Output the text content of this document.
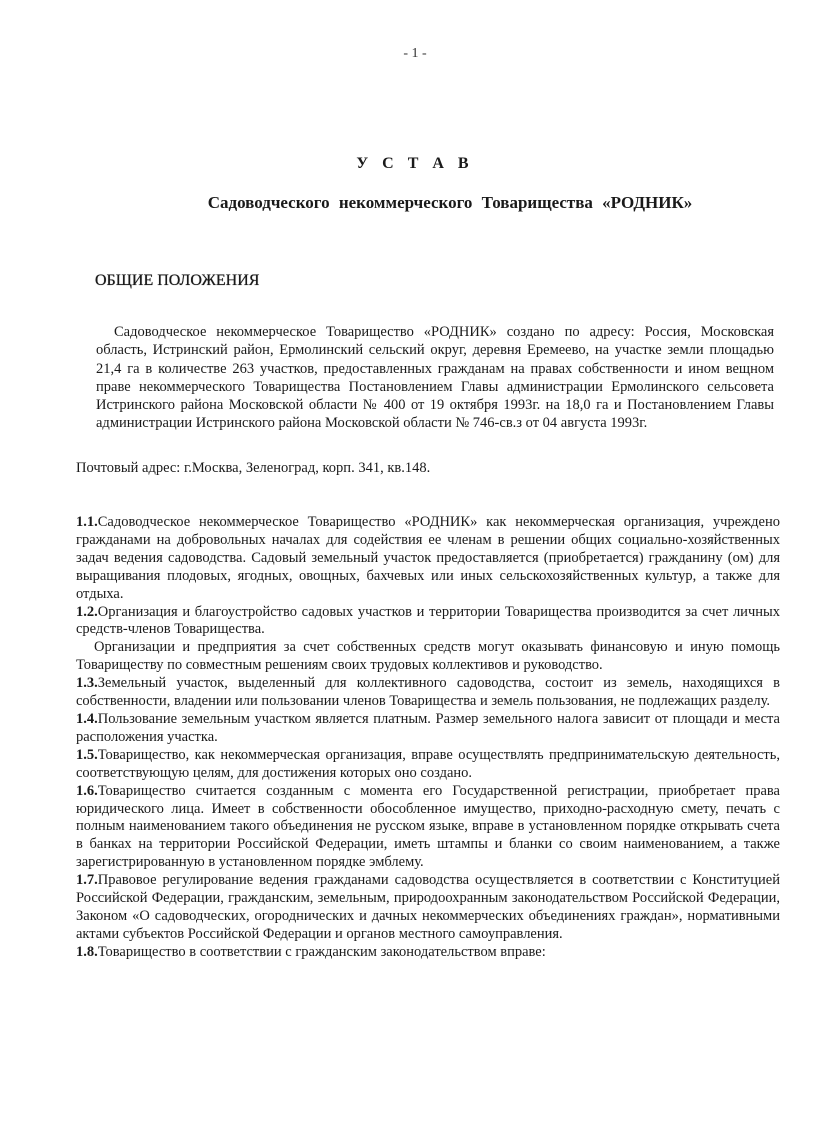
- 1 -
У С Т А В
Садоводческого некоммерческого Товарищества «РОДНИК»
ОБЩИЕ ПОЛОЖЕНИЯ

Садоводческое некоммерческое Товарищество «РОДНИК» создано по адресу: Россия, Московская область, Истринский район, Ермолинский сельский округ, деревня Еремеево, на участке земли площадью 21,4 га в количестве 263 участков, предоставленных гражданам на правах собственности и ином вещном праве некоммерческого Товарищества Постановлением Главы администрации Ермолинского сельсовета Истринского района Московской области № 400 от 19 октября 1993г. на 18,0 га и Постановлением Главы администрации Истринского района Московской области № 746-св.з от 04 августа 1993г.

Почтовый адрес: г.Москва, Зеленоград, корп. 341, кв.148.
1.1.Садоводческое некоммерческое Товарищество «РОДНИК» как некоммерческая организация, учреждено гражданами на добровольных началах для содействия ее членам в решении общих социально-хозяйственных задач ведения садоводства. Садовый земельный участок предоставляется (приобретается) гражданину (ом) для выращивания плодовых, ягодных, овощных, бахчевых или иных сельскохозяйственных культур, а также для отдыха.
1.2.Организация и благоустройство садовых участков и территории Товарищества производится за счет личных средств-членов Товарищества.
Организации и предприятия за счет собственных средств могут оказывать финансовую и иную помощь Товариществу по совместным решениям своих трудовых коллективов и руководство.
1.3.Земельный участок, выделенный для коллективного садоводства, состоит из земель, находящихся в собственности, владении или пользовании членов Товарищества и земель пользования, не подлежащих разделу.
1.4.Пользование земельным участком является платным. Размер земельного налога зависит от площади и места расположения участка.
1.5.Товарищество, как некоммерческая организация, вправе осуществлять предпринимательскую деятельность, соответствующую целям, для достижения которых оно создано.
1.6.Товарищество считается созданным с момента его Государственной регистрации, приобретает права юридического лица. Имеет в собственности обособленное имущество, приходно-расходную смету, печать с полным наименованием такого объединения не русском языке, вправе в установленном порядке открывать счета в банках на территории Российской Федерации, иметь штампы и бланки со своим наименованием, а также зарегистрированную в установленном порядке эмблему.
1.7.Правовое регулирование ведения гражданами садоводства осуществляется в соответствии с Конституцией Российской Федерации, гражданским, земельным, природоохранным законодательством Российской Федерации, Законом «О садоводческих, огороднических и дачных некоммерческих объединениях граждан», нормативными актами субъектов Российской Федерации и органов местного самоуправления.
1.8.Товарищество в соответствии с гражданским законодательством вправе:
